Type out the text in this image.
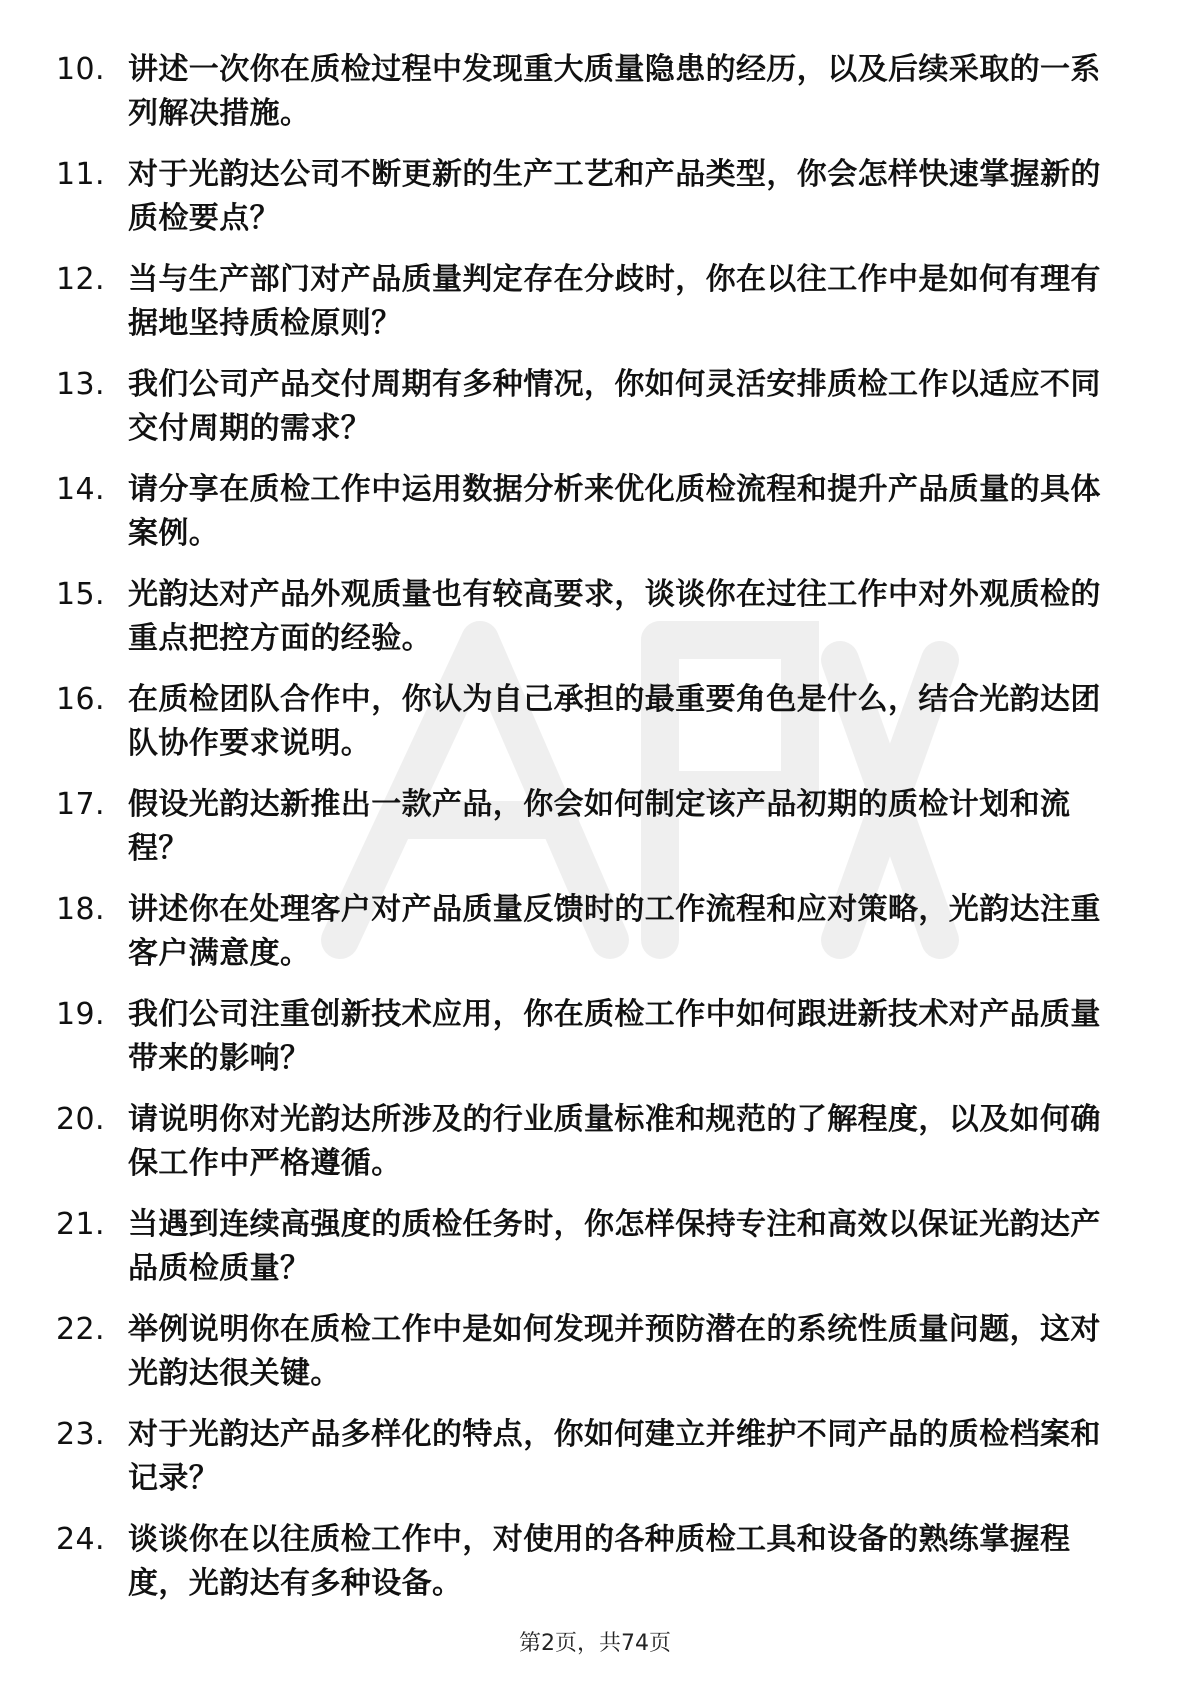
10. 讲述一次你在质检过程中发现重大质量隐患的经历，以及后续采取的一系列解决措施。
11. 对于光韵达公司不断更新的生产工艺和产品类型，你会怎样快速掌握新的质检要点？
12. 当与生产部门对产品质量判定存在分歧时，你在以往工作中是如何有理有据地坚持质检原则？
13. 我们公司产品交付周期有多种情况，你如何灵活安排质检工作以适应不同交付周期的需求？
14. 请分享在质检工作中运用数据分析来优化质检流程和提升产品质量的具体案例。
15. 光韵达对产品外观质量也有较高要求，谈谈你在过往工作中对外观质检的重点把控方面的经验。
16. 在质检团队合作中，你认为自己承担的最重要角色是什么，结合光韵达团队协作要求说明。
17. 假设光韵达新推出一款产品，你会如何制定该产品初期的质检计划和流程？
18. 讲述你在处理客户对产品质量反馈时的工作流程和应对策略，光韵达注重客户满意度。
19. 我们公司注重创新技术应用，你在质检工作中如何跟进新技术对产品质量带来的影响？
20. 请说明你对光韵达所涉及的行业质量标准和规范的了解程度，以及如何确保工作中严格遵循。
21. 当遇到连续高强度的质检任务时，你怎样保持专注和高效以保证光韵达产品质检质量？
22. 举例说明你在质检工作中是如何发现并预防潜在的系统性质量问题，这对光韵达很关键。
23. 对于光韵达产品多样化的特点，你如何建立并维护不同产品的质检档案和记录？
24. 谈谈你在以往质检工作中，对使用的各种质检工具和设备的熟练掌握程度，光韵达有多种设备。
第2页，共74页
